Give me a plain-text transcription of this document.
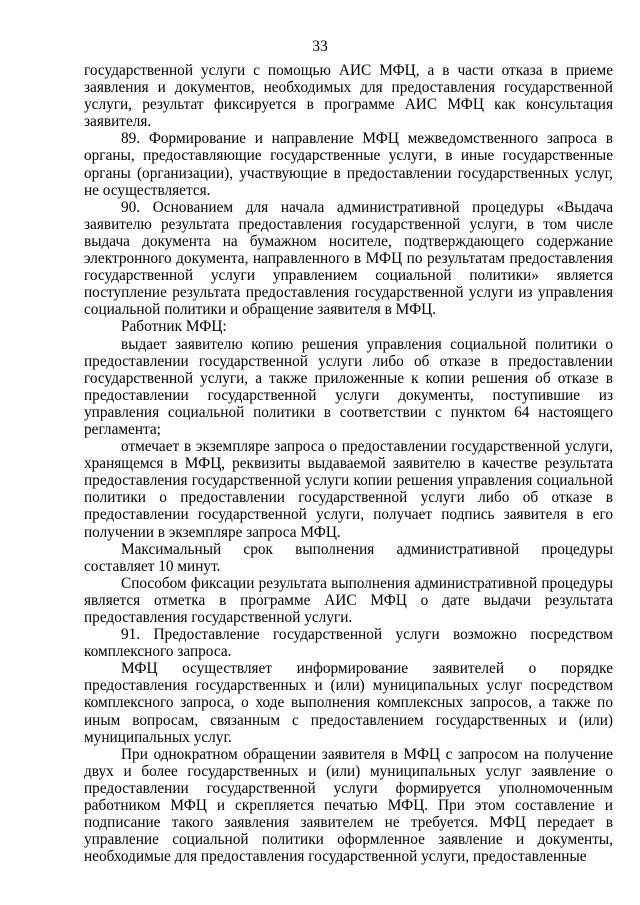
33

государственной услуги с помощью АИС МФЦ, а в части отказа в приеме заявления и документов, необходимых для предоставления государственной услуги, результат фиксируется в программе АИС МФЦ как консультация заявителя.

89. Формирование и направление МФЦ межведомственного запроса в органы, предоставляющие государственные услуги, в иные государственные органы (организации), участвующие в предоставлении государственных услуг, не осуществляется.

90. Основанием для начала административной процедуры «Выдача заявителю результата предоставления государственной услуги, в том числе выдача документа на бумажном носителе, подтверждающего содержание электронного документа, направленного в МФЦ по результатам предоставления государственной услуги управлением социальной политики» является поступление результата предоставления государственной услуги из управления социальной политики и обращение заявителя в МФЦ.

Работник МФЦ:

выдает заявителю копию решения управления социальной политики о предоставлении государственной услуги либо об отказе в предоставлении государственной услуги, а также приложенные к копии решения об отказе в предоставлении государственной услуги документы, поступившие из управления социальной политики в соответствии с пунктом 64 настоящего регламента;

отмечает в экземпляре запроса о предоставлении государственной услуги, хранящемся в МФЦ, реквизиты выдаваемой заявителю в качестве результата предоставления государственной услуги копии решения управления социальной политики о предоставлении государственной услуги либо об отказе в предоставлении государственной услуги, получает подпись заявителя в его получении в экземпляре запроса МФЦ.

Максимальный срок выполнения административной процедуры составляет 10 минут.

Способом фиксации результата выполнения административной процедуры является отметка в программе АИС МФЦ о дате выдачи результата предоставления государственной услуги.

91. Предоставление государственной услуги возможно посредством комплексного запроса.

МФЦ осуществляет информирование заявителей о порядке предоставления государственных и (или) муниципальных услуг посредством комплексного запроса, о ходе выполнения комплексных запросов, а также по иным вопросам, связанным с предоставлением государственных и (или) муниципальных услуг.

При однократном обращении заявителя в МФЦ с запросом на получение двух и более государственных и (или) муниципальных услуг заявление о предоставлении государственной услуги формируется уполномоченным работником МФЦ и скрепляется печатью МФЦ. При этом составление и подписание такого заявления заявителем не требуется. МФЦ передает в управление социальной политики оформленное заявление и документы, необходимые для предоставления государственной услуги, предоставленные
